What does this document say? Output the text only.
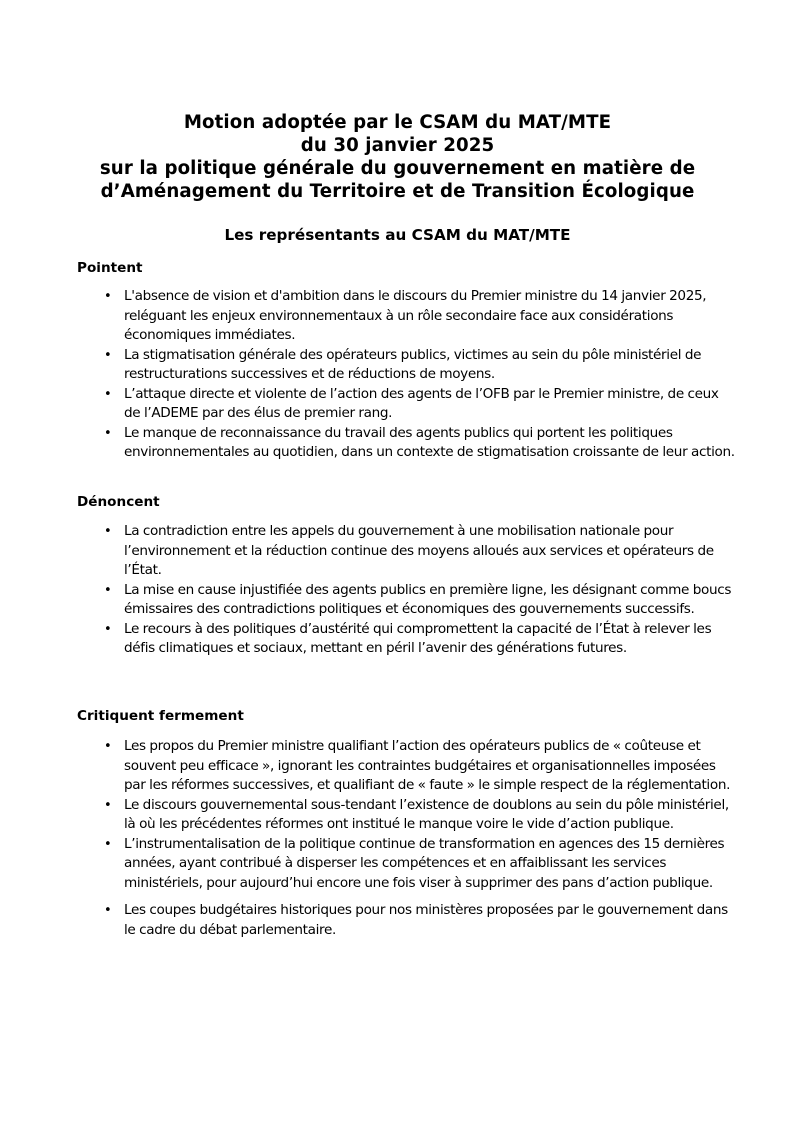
Motion adoptée par le CSAM du MAT/MTE
du 30 janvier 2025
sur la politique générale du gouvernement en matière de
d’Aménagement du Territoire et de Transition Écologique
Les représentants au CSAM du MAT/MTE
Pointent
• L'absence de vision et d'ambition dans le discours du Premier ministre du 14 janvier 2025, reléguant les enjeux environnementaux à un rôle secondaire face aux considérations économiques immédiates.
• La stigmatisation générale des opérateurs publics, victimes au sein du pôle ministériel de restructurations successives et de réductions de moyens.
• L’attaque directe et violente de l’action des agents de l’OFB par le Premier ministre, de ceux de l’ADEME par des élus de premier rang.
• Le manque de reconnaissance du travail des agents publics qui portent les politiques environnementales au quotidien, dans un contexte de stigmatisation croissante de leur action.
Dénoncent
• La contradiction entre les appels du gouvernement à une mobilisation nationale pour l’environnement et la réduction continue des moyens alloués aux services et opérateurs de l’État.
• La mise en cause injustifiée des agents publics en première ligne, les désignant comme boucs émissaires des contradictions politiques et économiques des gouvernements successifs.
• Le recours à des politiques d’austérité qui compromettent la capacité de l’État à relever les défis climatiques et sociaux, mettant en péril l’avenir des générations futures.
Critiquent fermement
• Les propos du Premier ministre qualifiant l’action des opérateurs publics de « coûteuse et souvent peu efficace », ignorant les contraintes budgétaires et organisationnelles imposées par les réformes successives, et qualifiant de « faute » le simple respect de la réglementation.
• Le discours gouvernemental sous-tendant l’existence de doublons au sein du pôle ministériel, là où les précédentes réformes ont institué le manque voire le vide d’action publique.
• L’instrumentalisation de la politique continue de transformation en agences des 15 dernières années, ayant contribué à disperser les compétences et en affaiblissant les services ministériels, pour aujourd’hui encore une fois viser à supprimer des pans d’action publique.
• Les coupes budgétaires historiques pour nos ministères proposées par le gouvernement dans le cadre du débat parlementaire.
